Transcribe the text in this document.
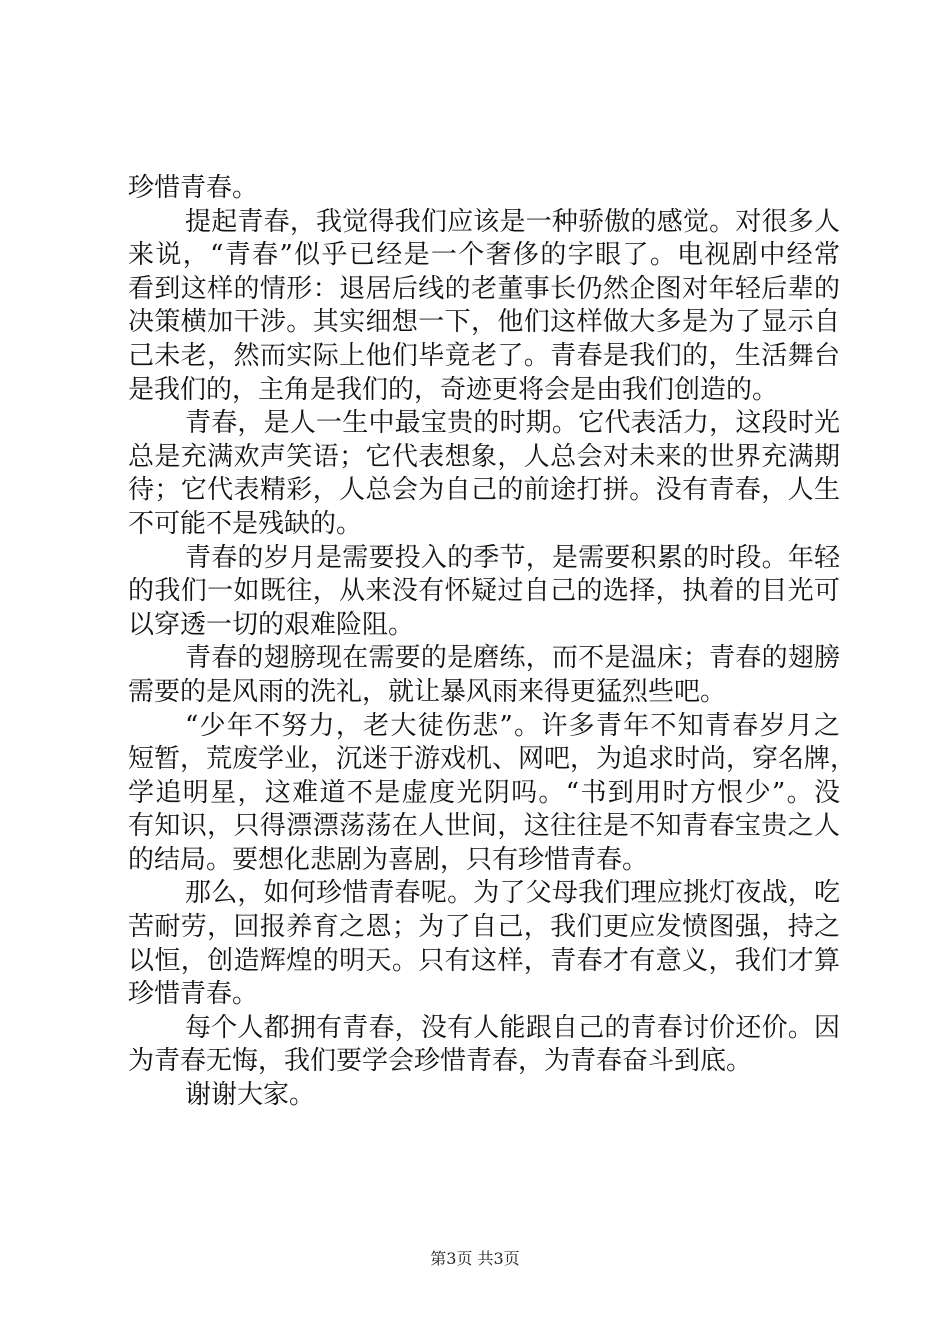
珍惜青春。
提起青春，我觉得我们应该是一种骄傲的感觉。对很多人
来说，“青春”似乎已经是一个奢侈的字眼了。电视剧中经常
看到这样的情形：退居后线的老董事长仍然企图对年轻后辈的
决策横加干涉。其实细想一下，他们这样做大多是为了显示自
己未老，然而实际上他们毕竟老了。青春是我们的，生活舞台
是我们的，主角是我们的，奇迹更将会是由我们创造的。
青春，是人一生中最宝贵的时期。它代表活力，这段时光
总是充满欢声笑语；它代表想象，人总会对未来的世界充满期
待；它代表精彩，人总会为自己的前途打拼。没有青春，人生
不可能不是残缺的。
青春的岁月是需要投入的季节，是需要积累的时段。年轻
的我们一如既往，从来没有怀疑过自己的选择，执着的目光可
以穿透一切的艰难险阻。
青春的翅膀现在需要的是磨练，而不是温床；青春的翅膀
需要的是风雨的洗礼，就让暴风雨来得更猛烈些吧。
“少年不努力，老大徒伤悲”。许多青年不知青春岁月之
短暂，荒废学业，沉迷于游戏机、网吧，为追求时尚，穿名牌，
学追明星，这难道不是虚度光阴吗。“书到用时方恨少”。没
有知识，只得漂漂荡荡在人世间，这往往是不知青春宝贵之人
的结局。要想化悲剧为喜剧，只有珍惜青春。
那么，如何珍惜青春呢。为了父母我们理应挑灯夜战，吃
苦耐劳，回报养育之恩；为了自己，我们更应发愤图强，持之
以恒，创造辉煌的明天。只有这样，青春才有意义，我们才算
珍惜青春。
每个人都拥有青春，没有人能跟自己的青春讨价还价。因
为青春无悔，我们要学会珍惜青春，为青春奋斗到底。
谢谢大家。
第3页 共3页
